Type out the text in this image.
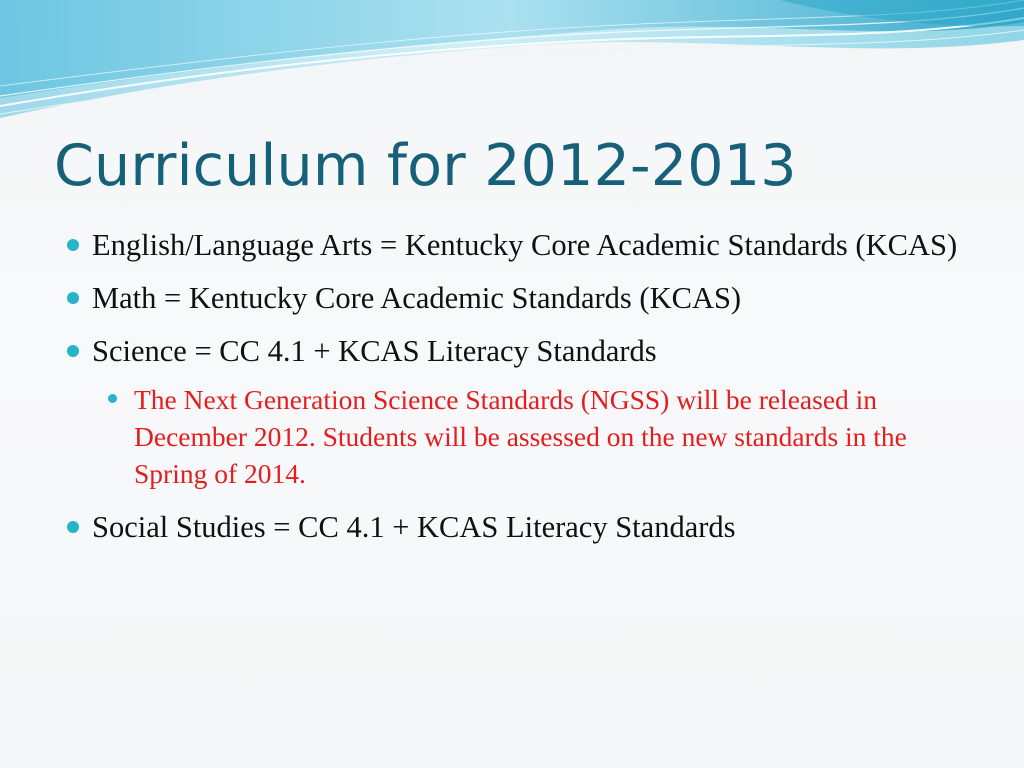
Curriculum for 2012-2013
English/Language Arts = Kentucky Core Academic Standards (KCAS)
Math = Kentucky Core Academic Standards (KCAS)
Science = CC 4.1 + KCAS Literacy Standards
The Next Generation Science Standards (NGSS) will be released in December 2012. Students will be assessed on the new standards in the Spring of 2014.
Social Studies = CC 4.1 + KCAS Literacy Standards
